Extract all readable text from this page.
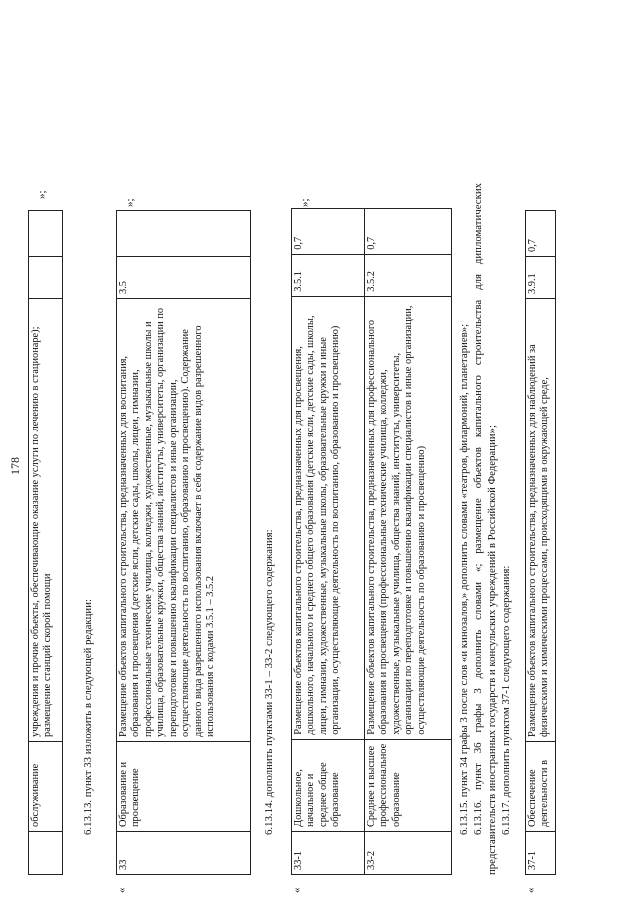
178
	обслуживание	учреждения и прочие объекты, обеспечивающие оказание услуги по лечению в стационаре); размещение станций скорой помощи		
»;
6.13.13. пункт 33 изложить в следующей редакции:
«
33	Образование и просвещение	Размещение объектов капитального строительства, предназначенных для воспитания, образования и просвещения (детские ясли, детские сады, школы, лицеи, гимназии, профессиональные технические училища, колледжи, художественные, музыкальные школы и училища, образовательные кружки, общества знаний, институты, университеты, организации по переподготовке и повышению квалификации специалистов и иные организации, осуществляющие деятельность по воспитанию, образованию и просвещению). Содержание данного вида разрешенного использования включает в себя содержание видов разрешенного использования с кодами 3.5.1 – 3.5.2	3.5	
»;
6.13.14. дополнить пунктами 33-1 – 33-2 следующего содержания:
«
33-1	Дошкольное, начальное и среднее общее образование	Размещение объектов капитального строительства, предназначенных для просвещения, дошкольного, начального и среднего общего образования (детские ясли, детские сады, школы, лицеи, гимназии, художественные, музыкальные школы, образовательные кружки и иные организации, осуществляющие деятельность по воспитанию, образованию и просвещению)	3.5.1	0,7
33-2	Среднее и высшее профессиональное образование	Размещение объектов капитального строительства, предназначенных для профессионального образования и просвещения (профессиональные технические училища, колледжи, художественные, музыкальные училища, общества знаний, институты, университеты, организации по переподготовке и повышению квалификации специалистов и иные организации, осуществляющие деятельность по образованию и просвещению)	3.5.2	0,7
»;
6.13.15. пункт 34 графы 3 после слов «и кинозалов,» дополнить словами «театров, филармоний, планетариев»; 6.13.16. пункт 36 графы 3 дополнить словами «; размещение объектов капитального строительства для дипломатических представительств иностранных государств и консульских учреждений в Российской Федерации»; 6.13.17. дополнить пунктом 37-1 следующего содержания:
«
37-1	Обеспечение деятельности в	Размещение объектов капитального строительства, предназначенных для наблюдений за физическими и химическими процессами, происходящими в окружающей среде,	3.9.1	0,7
